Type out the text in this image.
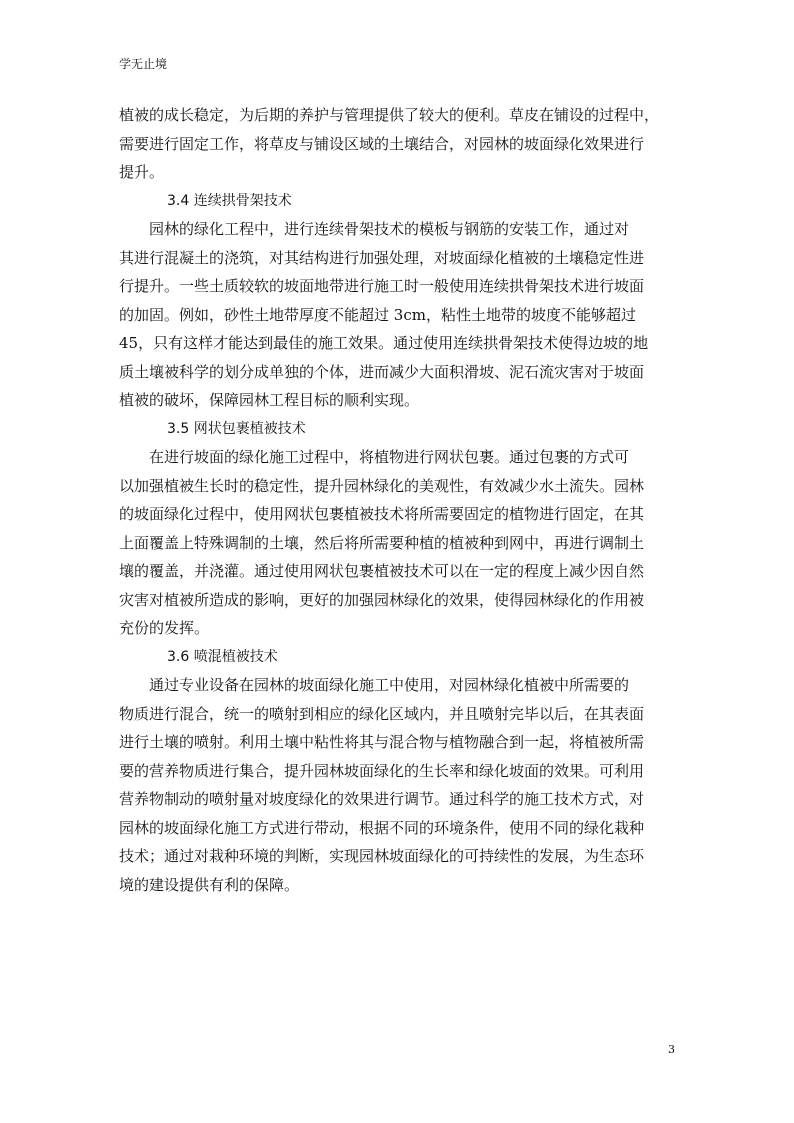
学无止境
植被的成长稳定，为后期的养护与管理提供了较大的便利。草皮在铺设的过程中，
需要进行固定工作，将草皮与铺设区域的土壤结合，对园林的坡面绿化效果进行
提升。
3.4 连续拱骨架技术
园林的绿化工程中，进行连续骨架技术的模板与钢筋的安装工作，通过对
其进行混凝土的浇筑，对其结构进行加强处理，对坡面绿化植被的土壤稳定性进
行提升。一些土质较软的坡面地带进行施工时一般使用连续拱骨架技术进行坡面
的加固。例如，砂性土地带厚度不能超过 3cm，粘性土地带的坡度不能够超过
45，只有这样才能达到最佳的施工效果。通过使用连续拱骨架技术使得边坡的地
质土壤被科学的划分成单独的个体，进而减少大面积滑坡、泥石流灾害对于坡面
植被的破坏，保障园林工程目标的顺利实现。
3.5 网状包裹植被技术
在进行坡面的绿化施工过程中，将植物进行网状包裹。通过包裹的方式可
以加强植被生长时的稳定性，提升园林绿化的美观性，有效减少水土流失。园林
的坡面绿化过程中，使用网状包裹植被技术将所需要固定的植物进行固定，在其
上面覆盖上特殊调制的土壤，然后将所需要种植的植被种到网中，再进行调制土
壤的覆盖，并浇灌。通过使用网状包裹植被技术可以在一定的程度上减少因自然
灾害对植被所造成的影响，更好的加强园林绿化的效果，使得园林绿化的作用被
充份的发挥。
3.6 喷混植被技术
通过专业设备在园林的坡面绿化施工中使用，对园林绿化植被中所需要的
物质进行混合，统一的喷射到相应的绿化区域内，并且喷射完毕以后，在其表面
进行土壤的喷射。利用土壤中粘性将其与混合物与植物融合到一起，将植被所需
要的营养物质进行集合，提升园林坡面绿化的生长率和绿化坡面的效果。可利用
营养物制动的喷射量对坡度绿化的效果进行调节。通过科学的施工技术方式，对
园林的坡面绿化施工方式进行带动，根据不同的环境条件，使用不同的绿化栽种
技术；通过对栽种环境的判断，实现园林坡面绿化的可持续性的发展，为生态环
境的建设提供有利的保障。
3
